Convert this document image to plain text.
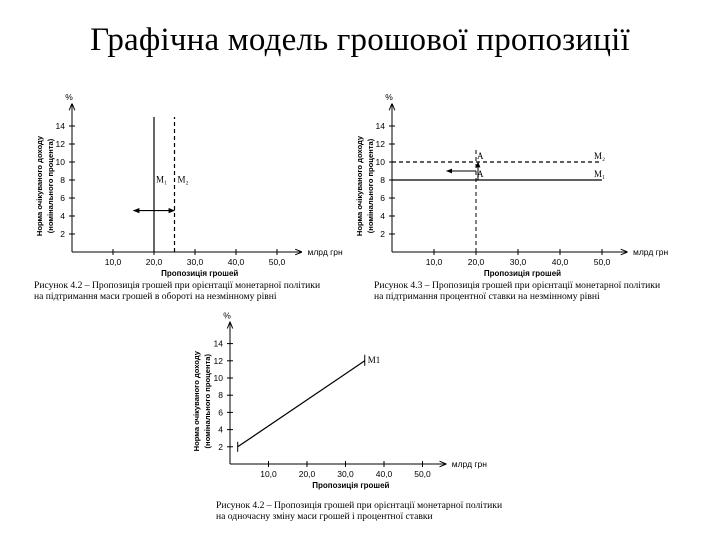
Графічна модель грошової пропозиції
2
4
6
8
10
12
14
10,0	20,0	30,0	40,0	50,0
%
млрд грн
Пропозиція грошей
Норма очікуваного доходу (номінального процента)	M₁ M₂
Рисунок 4.2 – Пропозиція грошей при орієнтації монетарної політики
на підтримання маси грошей в обороті на незмінному рівні
2
4
6
8
10
12
14
10,0	20,0	30,0	40,0	50,0
%
млрд грн
Пропозиція грошей
Норма очікуваного доходу (номінального процента)	M₂
M₁
A
A
Рисунок 4.3 – Пропозиція грошей при орієнтації монетарної політики
на підтримання процентної ставки на незмінному рівні
2
4
6
8
10
12
14
10,0	20,0	30,0	40,0	50,0
%
млрд грн
Пропозиція грошей
Норма очікуваного доходу (номінального процента)	M1
Рисунок 4.2 – Пропозиція грошей при орієнтації монетарної політики
на одночасну зміну маси грошей і процентної ставки
